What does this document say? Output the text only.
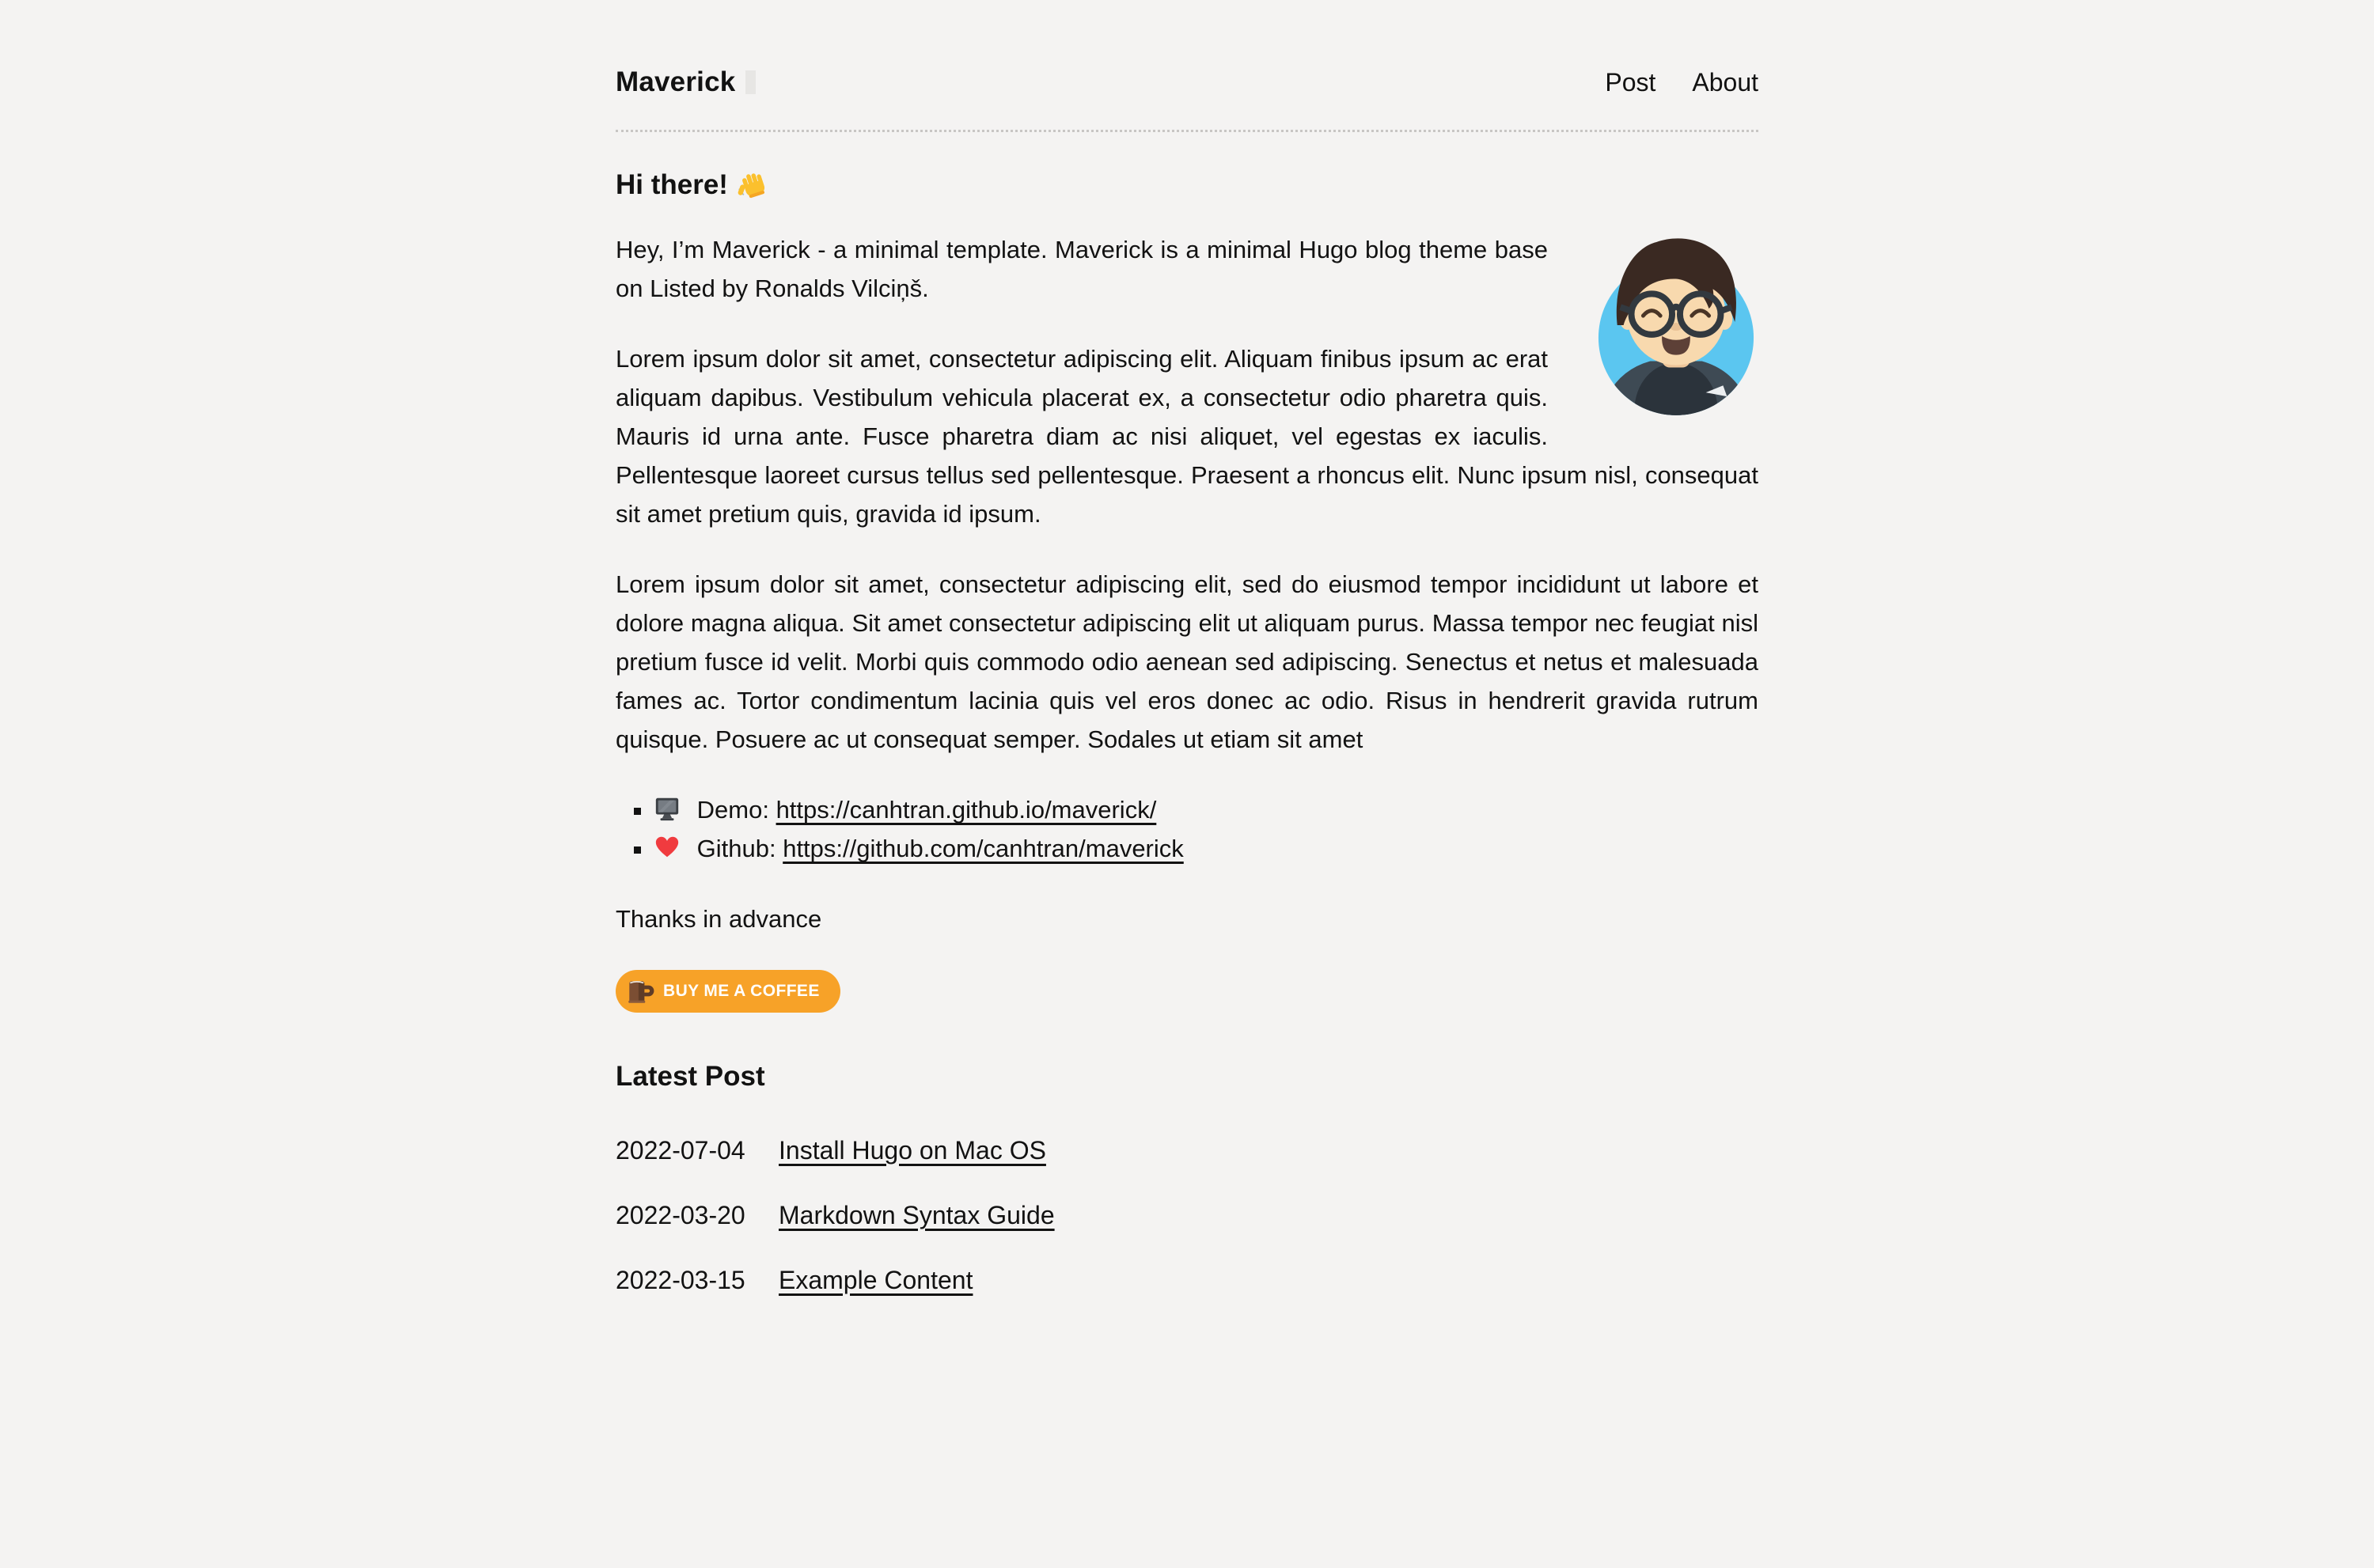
Maverick	Post About
Hi there!

Hey, I’m Maverick - a minimal template. Maverick is a minimal Hugo blog theme base on Listed by Ronalds Vilciņš.

Lorem ipsum dolor sit amet, consectetur adipiscing elit. Aliquam finibus ipsum ac erat aliquam dapibus. Vestibulum vehicula placerat ex, a consectetur odio pharetra quis. Mauris id urna ante. Fusce pharetra diam ac nisi aliquet, vel egestas ex iaculis. Pellentesque laoreet cursus tellus sed pellentesque. Praesent a rhoncus elit. Nunc ipsum nisl, consequat sit amet pretium quis, gravida id ipsum.

Lorem ipsum dolor sit amet, consectetur adipiscing elit, sed do eiusmod tempor incididunt ut labore et dolore magna aliqua. Sit amet consectetur adipiscing elit ut aliquam purus. Massa tempor nec feugiat nisl pretium fusce id velit. Morbi quis commodo odio aenean sed adipiscing. Senectus et netus et malesuada fames ac. Tortor condimentum lacinia quis vel eros donec ac odio. Risus in hendrerit gravida rutrum quisque. Posuere ac ut consequat semper. Sodales ut etiam sit amet

▪ Demo: https://canhtran.github.io/maverick/
▪ Github: https://github.com/canhtran/maverick

Thanks in advance

BUY ME A COFFEE
Latest Post
2022-07-04	Install Hugo on Mac OS
2022-03-20	Markdown Syntax Guide
2022-03-15	Example Content
